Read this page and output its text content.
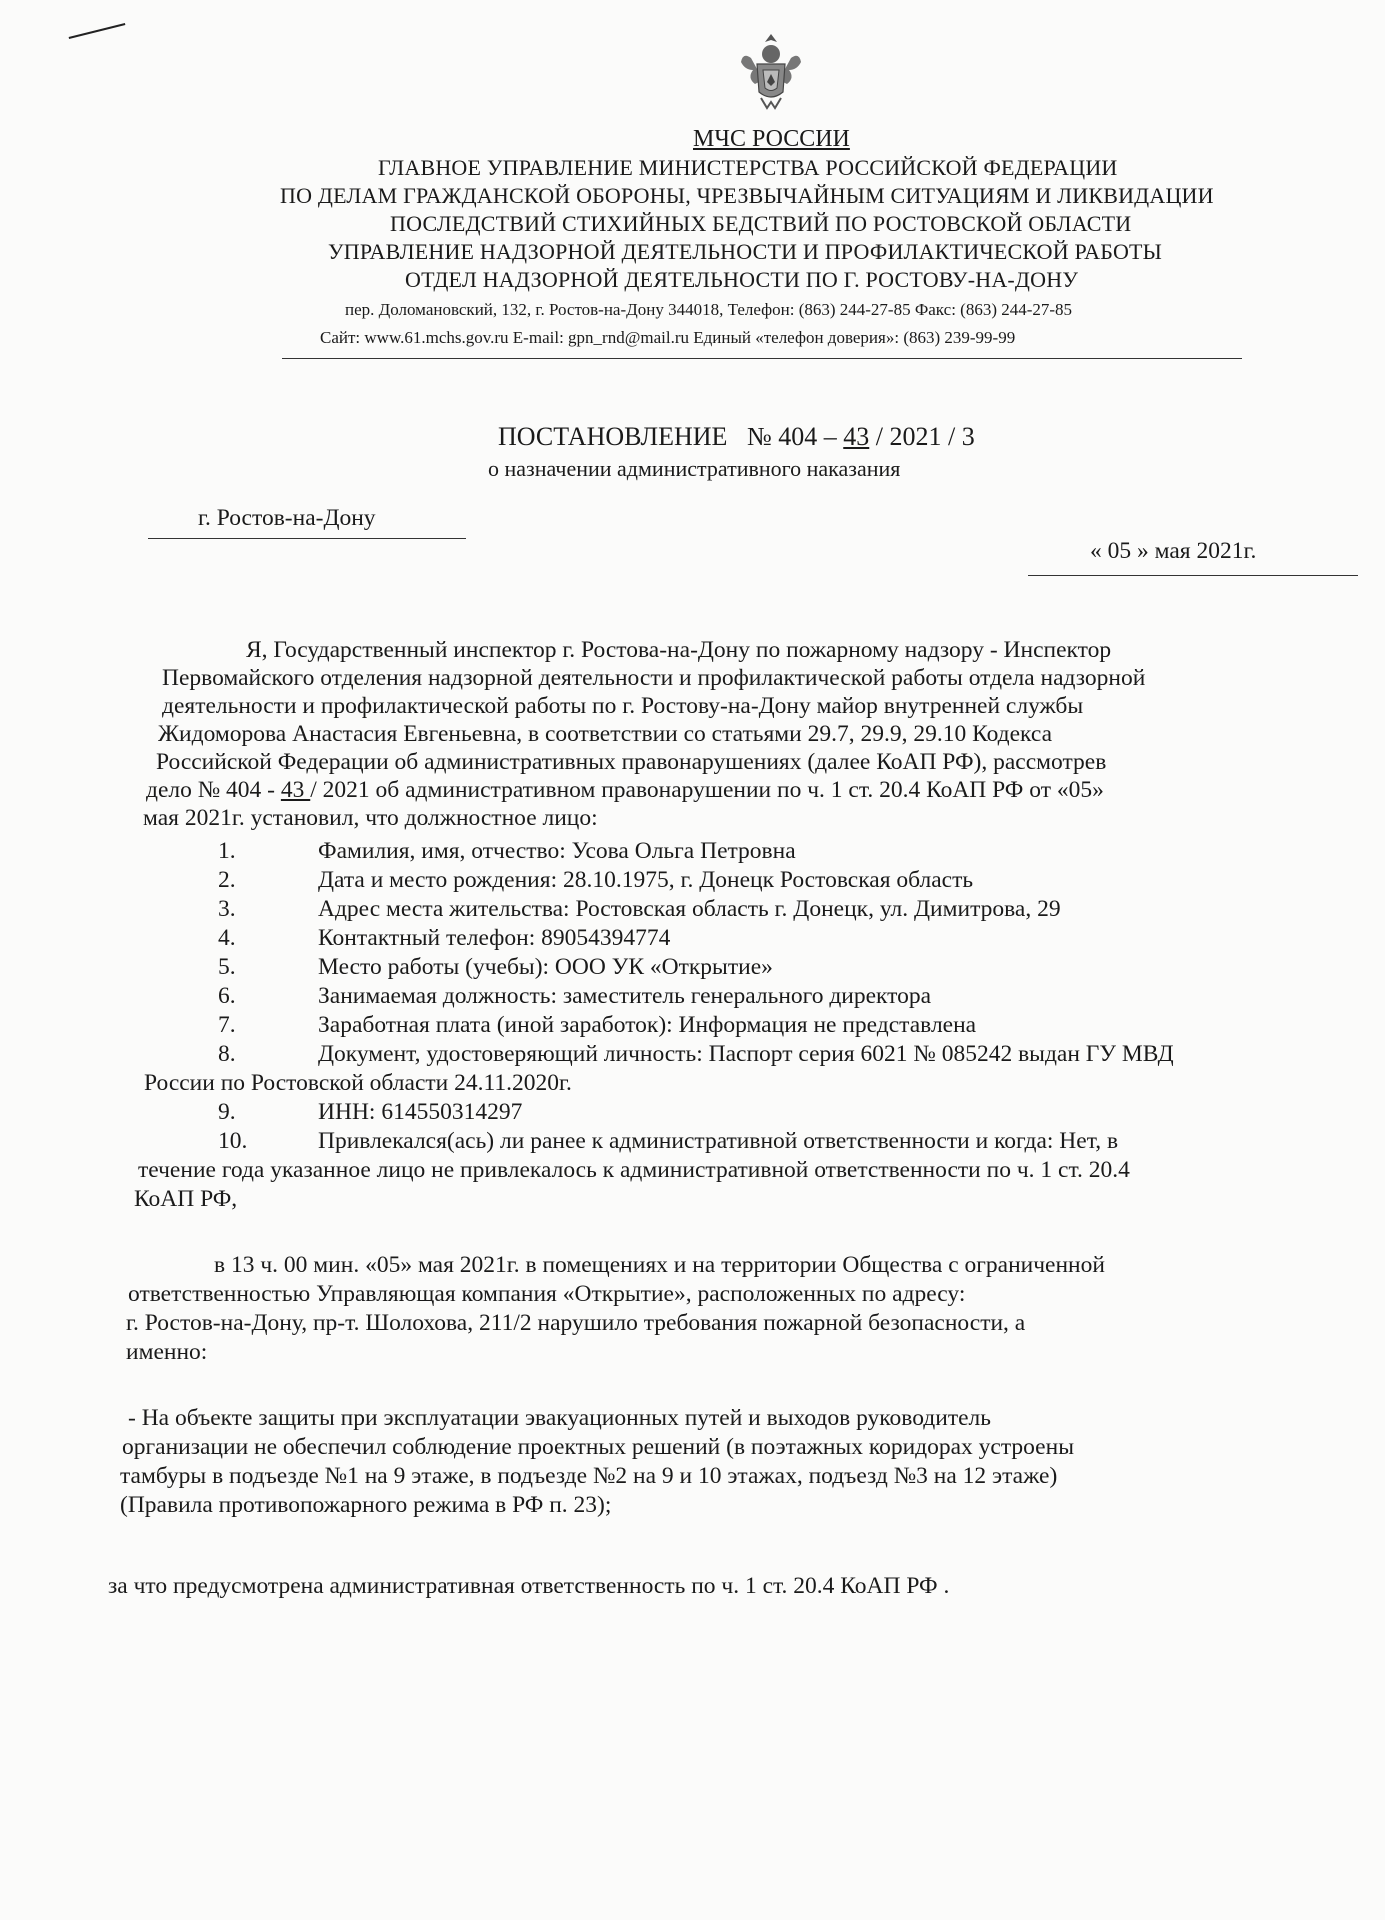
МЧС РОССИИ
ГЛАВНОЕ УПРАВЛЕНИЕ МИНИСТЕРСТВА РОССИЙСКОЙ ФЕДЕРАЦИИ
ПО ДЕЛАМ ГРАЖДАНСКОЙ ОБОРОНЫ, ЧРЕЗВЫЧАЙНЫМ СИТУАЦИЯМ И ЛИКВИДАЦИИ
ПОСЛЕДСТВИЙ СТИХИЙНЫХ БЕДСТВИЙ ПО РОСТОВСКОЙ ОБЛАСТИ
УПРАВЛЕНИЕ НАДЗОРНОЙ ДЕЯТЕЛЬНОСТИ И ПРОФИЛАКТИЧЕСКОЙ РАБОТЫ
ОТДЕЛ НАДЗОРНОЙ ДЕЯТЕЛЬНОСТИ ПО Г. РОСТОВУ-НА-ДОНУ
пер. Доломановский, 132, г. Ростов-на-Дону 344018, Телефон: (863) 244-27-85 Факс: (863) 244-27-85
Сайт: www.61.mchs.gov.ru E-mail: gpn_rnd@mail.ru Единый «телефон доверия»: (863) 239-99-99
ПОСТАНОВЛЕНИЕ № 404 – 43 / 2021 / 3
о назначении административного наказания
г. Ростов-на-Дону
« 05 » мая 2021г.
Я, Государственный инспектор г. Ростова-на-Дону по пожарному надзору - Инспектор
Первомайского отделения надзорной деятельности и профилактической работы отдела надзорной
деятельности и профилактической работы по г. Ростову-на-Дону майор внутренней службы
Жидоморова Анастасия Евгеньевна, в соответствии со статьями 29.7, 29.9, 29.10 Кодекса
Российской Федерации об административных правонарушениях (далее КоАП РФ), рассмотрев
дело № 404 - 43 / 2021 об административном правонарушении по ч. 1 ст. 20.4 КоАП РФ от «05»
мая 2021г. установил, что должностное лицо:
1.	Фамилия, имя, отчество: Усова Ольга Петровна
2.	Дата и место рождения: 28.10.1975, г. Донецк Ростовская область
3.	Адрес места жительства: Ростовская область г. Донецк, ул. Димитрова, 29
4.	Контактный телефон: 89054394774
5.	Место работы (учебы): ООО УК «Открытие»
6.	Занимаемая должность: заместитель генерального директора
7.	Заработная плата (иной заработок): Информация не представлена
8.	Документ, удостоверяющий личность: Паспорт серия 6021 № 085242 выдан ГУ МВД
России по Ростовской области 24.11.2020г.
9.	ИНН: 614550314297
10.	Привлекался(ась) ли ранее к административной ответственности и когда: Нет, в
течение года указанное лицо не привлекалось к административной ответственности по ч. 1 ст. 20.4
КоАП РФ,
в 13 ч. 00 мин. «05» мая 2021г. в помещениях и на территории Общества с ограниченной
ответственностью Управляющая компания «Открытие», расположенных по адресу:
г. Ростов-на-Дону, пр-т. Шолохова, 211/2 нарушило требования пожарной безопасности, а
именно:
- На объекте защиты при эксплуатации эвакуационных путей и выходов руководитель
организации не обеспечил соблюдение проектных решений (в поэтажных коридорах устроены
тамбуры в подъезде №1 на 9 этаже, в подъезде №2 на 9 и 10 этажах, подъезд №3 на 12 этаже)
(Правила противопожарного режима в РФ п. 23);
за что предусмотрена административная ответственность по ч. 1 ст. 20.4 КоАП РФ .
